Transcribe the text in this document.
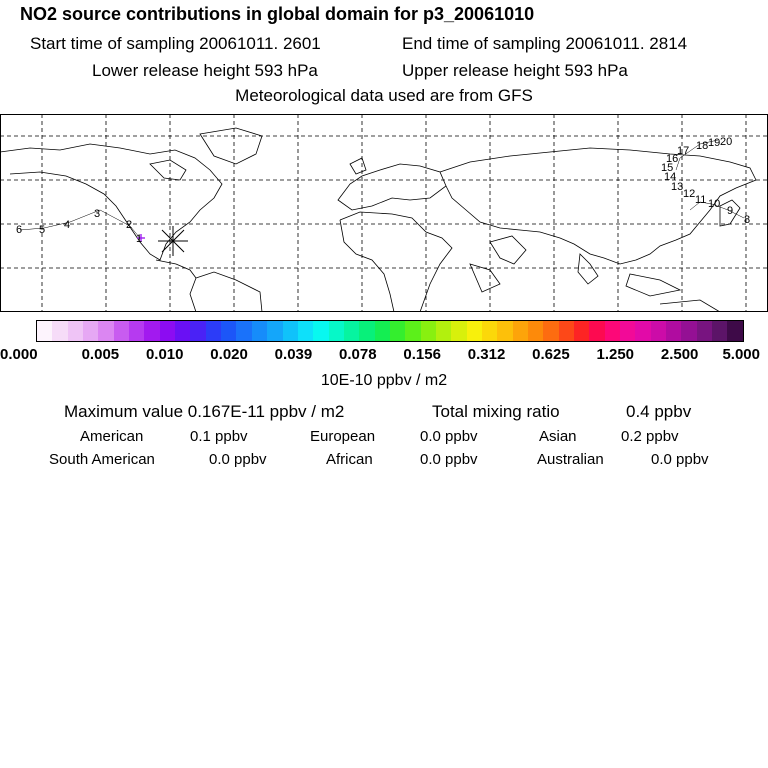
NO2 source contributions in global domain for p3_20061010
Start time of sampling 20061011. 2601	End time of sampling 20061011. 2814
Lower release height 593 hPa	Upper release height 593 hPa
Meteorological data used are from GFS
1
2
3
4
5
6
8
9
10
11
12
13
14
15
16
17 18 19 20
0.000	0.005 0.010 0.020 0.039 0.078 0.156 0.312 0.625 1.250 2.500 5.000
10E-10 ppbv / m2
Maximum value 0.167E-11 ppbv / m2	Total mixing ratio	0.4 ppbv
American	0.1 ppbv	European	0.0 ppbv	Asian	0.2 ppbv
South American	0.0 ppbv	African	0.0 ppbv	Australian	0.0 ppbv
